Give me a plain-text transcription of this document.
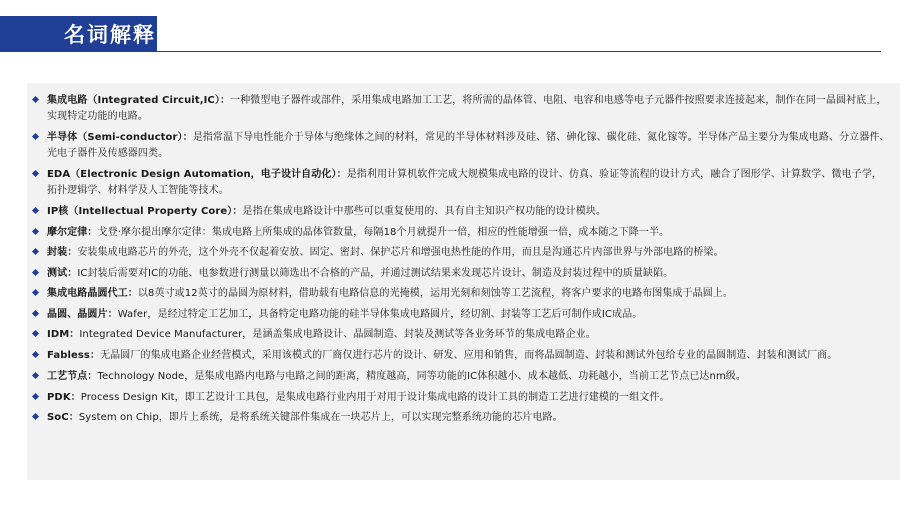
名词解释
集成电路（Integrated Circuit,IC）：一种微型电子器件或部件，采用集成电路加工工艺，将所需的晶体管、电阻、电容和电感等电子元器件按照要求连接起来，制作在同一晶圆衬底上，实现特定功能的电路。
半导体（Semi-conductor）：是指常温下导电性能介于导体与绝缘体之间的材料，常见的半导体材料涉及硅、锗、砷化镓、碳化硅、氮化镓等。半导体产品主要分为集成电路、分立器件、光电子器件及传感器四类。
EDA（Electronic Design Automation，电子设计自动化）：是指利用计算机软件完成大规模集成电路的设计、仿真、验证等流程的设计方式，融合了图形学、计算数学、微电子学，拓扑逻辑学、材料学及人工智能等技术。
IP核（Intellectual Property Core）：是指在集成电路设计中那些可以重复使用的、具有自主知识产权功能的设计模块。
摩尔定律：戈登·摩尔提出摩尔定律：集成电路上所集成的晶体管数量，每隔18个月就提升一倍，相应的性能增强一倍，成本随之下降一半。
封装：安装集成电路芯片的外壳，这个外壳不仅起着安放、固定、密封、保护芯片和增强电热性能的作用，而且是沟通芯片内部世界与外部电路的桥梁。
测试：IC封装后需要对IC的功能、电参数进行测量以筛选出不合格的产品，并通过测试结果来发现芯片设计、制造及封装过程中的质量缺陷。
集成电路晶圆代工：以8英寸或12英寸的晶圆为原材料，借助载有电路信息的光掩模，运用光刻和刻蚀等工艺流程，将客户要求的电路布图集成于晶圆上。
晶圆、晶圆片：Wafer，是经过特定工艺加工，具备特定电路功能的硅半导体集成电路圆片，经切割、封装等工艺后可制作成IC成品。
IDM：Integrated Device Manufacturer，是涵盖集成电路设计、晶圆制造、封装及测试等各业务环节的集成电路企业。
Fabless：无晶圆厂的集成电路企业经营模式，采用该模式的厂商仅进行芯片的设计、研发、应用和销售，而将晶圆制造、封装和测试外包给专业的晶圆制造、封装和测试厂商。
工艺节点：Technology Node，是集成电路内电路与电路之间的距离，精度越高，同等功能的IC体积越小、成本越低、功耗越小，当前工艺节点已达nm级。
PDK：Process Design Kit，即工艺设计工具包，是集成电路行业内用于对用于设计集成电路的设计工具的制造工艺进行建模的一组文件。
SoC：System on Chip，即片上系统，是将系统关键部件集成在一块芯片上，可以实现完整系统功能的芯片电路。
